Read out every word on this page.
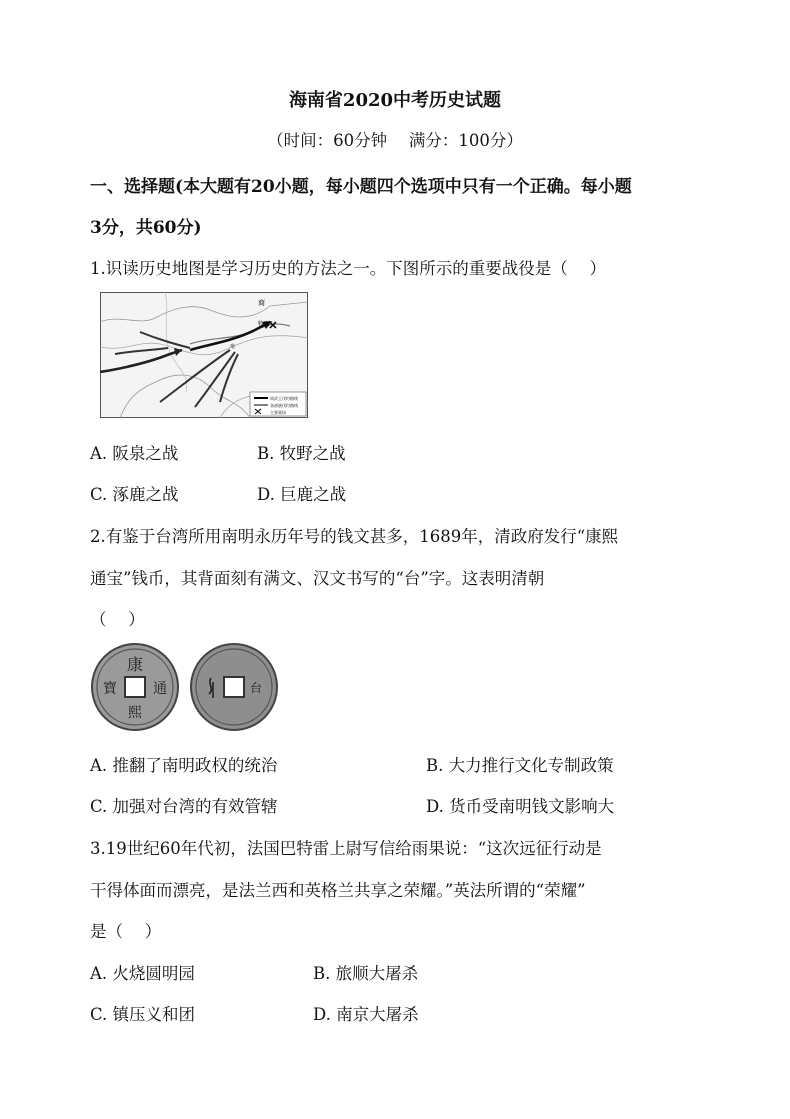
海南省2020中考历史试题
（时间：60分钟　 满分：100分）
一、选择题(本大题有20小题，每小题四个选项中只有一个正确。每小题
3分，共60分)
1.识读历史地图是学习历史的方法之一。下图所示的重要战役是（　 ）
周武王伐纣路线
各部族伐纣路线
主要战场
商
牧野
亳
A. 阪泉之战	B. 牧野之战
C. 涿鹿之战	D. 巨鹿之战
2.有鉴于台湾所用南明永历年号的钱文甚多，1689年，清政府发行“康熙
通宝”钱币，其背面刻有满文、汉文书写的“台”字。这表明清朝
（　 ）
康
熙
寶	通	台
A. 推翻了南明政权的统治	B. 大力推行文化专制政策
C. 加强对台湾的有效管辖	D. 货币受南明钱文影响大
3.19世纪60年代初，法国巴特雷上尉写信给雨果说：“这次远征行动是
干得体面而漂亮，是法兰西和英格兰共享之荣耀。”英法所谓的“荣耀”
是（　 ）
A. 火烧圆明园	B. 旅顺大屠杀
C. 镇压义和团	D. 南京大屠杀
